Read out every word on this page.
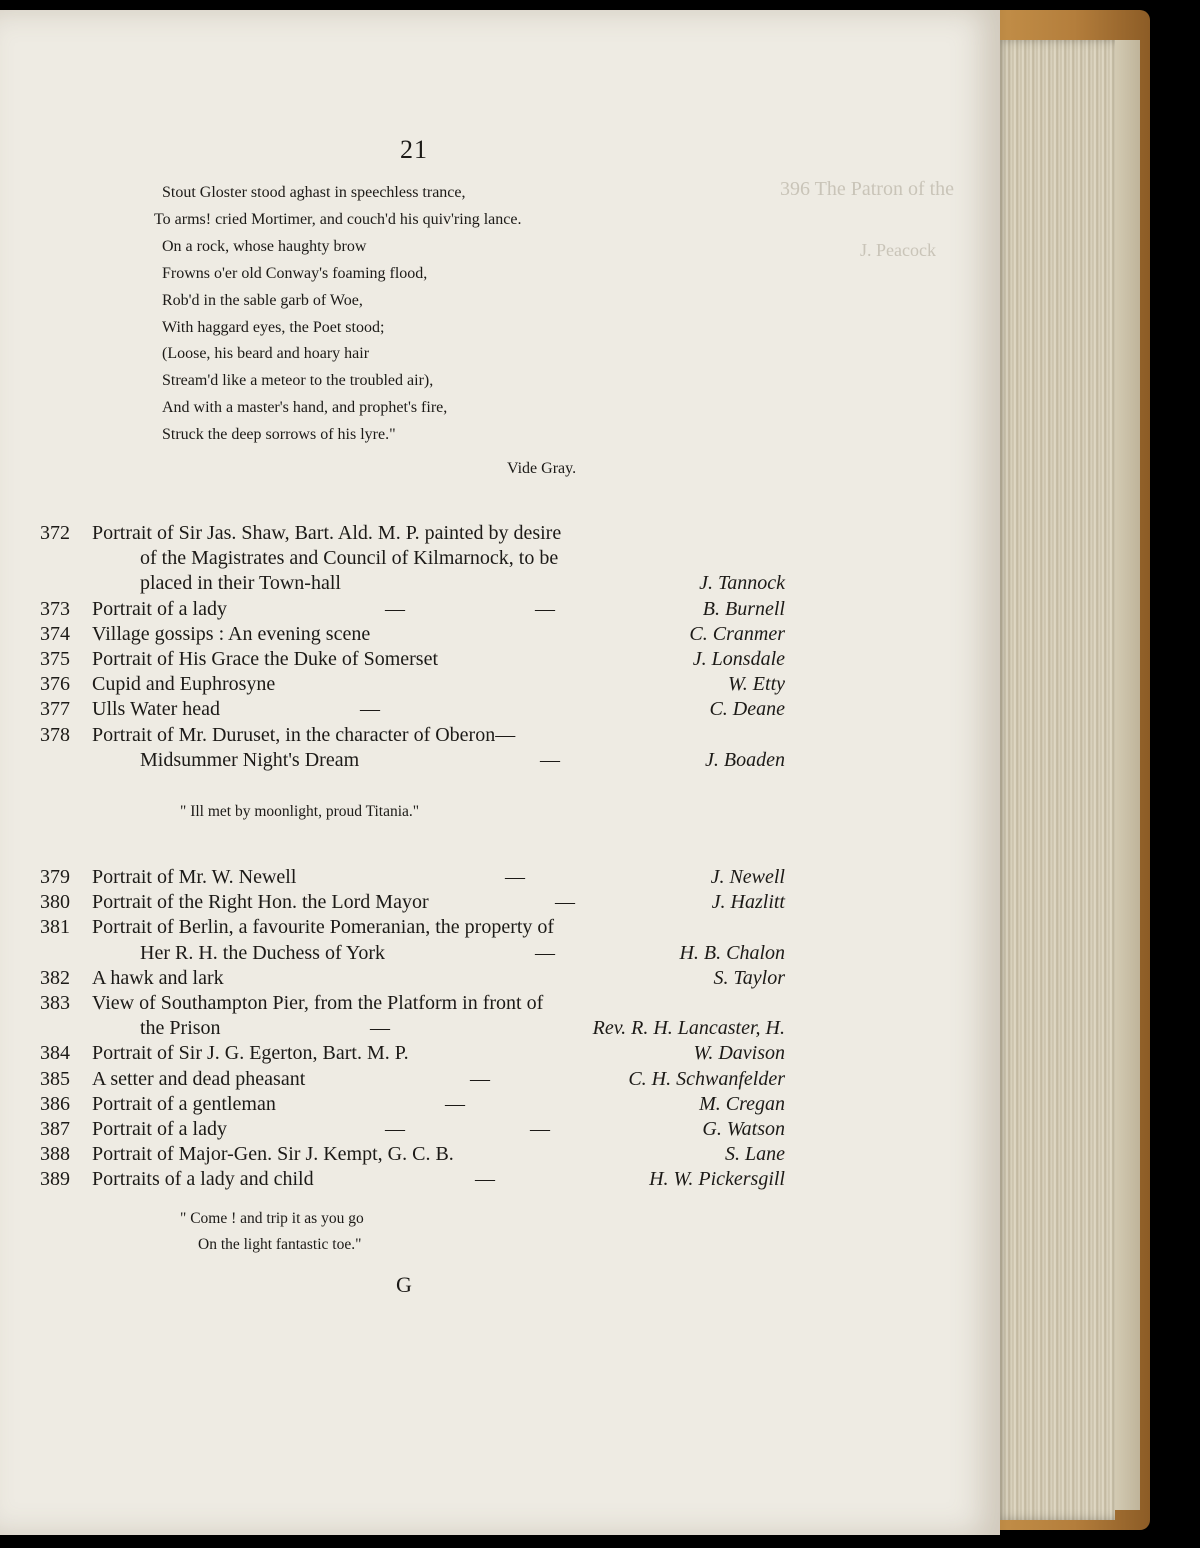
396 The Patron of the
J. Peacock
21
Stout Gloster stood aghast in speechless trance,
To arms! cried Mortimer, and couch'd his quiv'ring lance.
On a rock, whose haughty brow
Frowns o'er old Conway's foaming flood,
Rob'd in the sable garb of Woe,
With haggard eyes, the Poet stood;
(Loose, his beard and hoary hair
Stream'd like a meteor to the troubled air),
And with a master's hand, and prophet's fire,
Struck the deep sorrows of his lyre."
Vide Gray.
372 Portrait of Sir Jas. Shaw, Bart. Ald. M. P. painted by desire
of the Magistrates and Council of Kilmarnock, to be
placed in their Town-hall	J. Tannock
373 Portrait of a lady	—	—	B. Burnell
374 Village gossips : An evening scene	C. Cranmer
375 Portrait of His Grace the Duke of Somerset	J. Lonsdale
376 Cupid and Euphrosyne	W. Etty
377 Ulls Water head	—	C. Deane
378 Portrait of Mr. Duruset, in the character of Oberon—
Midsummer Night's Dream	—	J. Boaden
" Ill met by moonlight, proud Titania."
379 Portrait of Mr. W. Newell	—	J. Newell
380 Portrait of the Right Hon. the Lord Mayor	—	J. Hazlitt
381 Portrait of Berlin, a favourite Pomeranian, the property of
Her R. H. the Duchess of York	—	H. B. Chalon
382 A hawk and lark	S. Taylor
383 View of Southampton Pier, from the Platform in front of
the Prison	—	Rev. R. H. Lancaster, H.
384 Portrait of Sir J. G. Egerton, Bart. M. P.	W. Davison
385 A setter and dead pheasant	—	C. H. Schwanfelder
386 Portrait of a gentleman	—	M. Cregan
387 Portrait of a lady	—	—	G. Watson
388 Portrait of Major-Gen. Sir J. Kempt, G. C. B.	S. Lane
389 Portraits of a lady and child	—	H. W. Pickersgill
" Come ! and trip it as you go
On the light fantastic toe."
G
